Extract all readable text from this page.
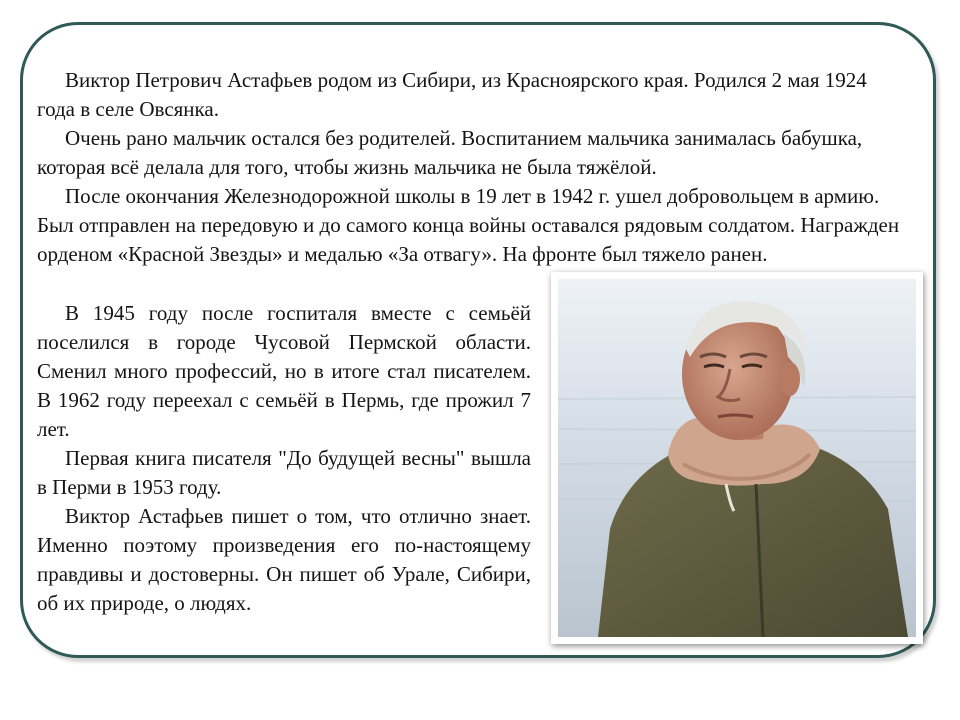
Виктор Петрович Астафьев родом из Сибири, из Красноярского края. Родился 2 мая 1924 года в селе Овсянка.

Очень рано мальчик остался без родителей. Воспитанием мальчика занималась бабушка, которая всё делала для того, чтобы жизнь мальчика не была тяжёлой.

После окончания Железнодорожной школы в 19 лет в 1942 г. ушел добровольцем в армию. Был отправлен на передовую и до самого конца войны оставался рядовым солдатом. Награжден орденом «Красной Звезды» и медалью «За отвагу». На фронте был тяжело ранен.

В 1945 году после госпиталя вместе с семьёй поселился в городе Чусовой Пермской области. Сменил много профессий, но в итоге стал писателем. В 1962 году переехал с семьёй в Пермь, где прожил 7 лет.

Первая книга писателя "До будущей весны" вышла в Перми в 1953 году.

Виктор Астафьев пишет о том, что отлично знает. Именно поэтому произведения его по-настоящему правдивы и достоверны. Он пишет об Урале, Сибири, об их природе, о людях.
